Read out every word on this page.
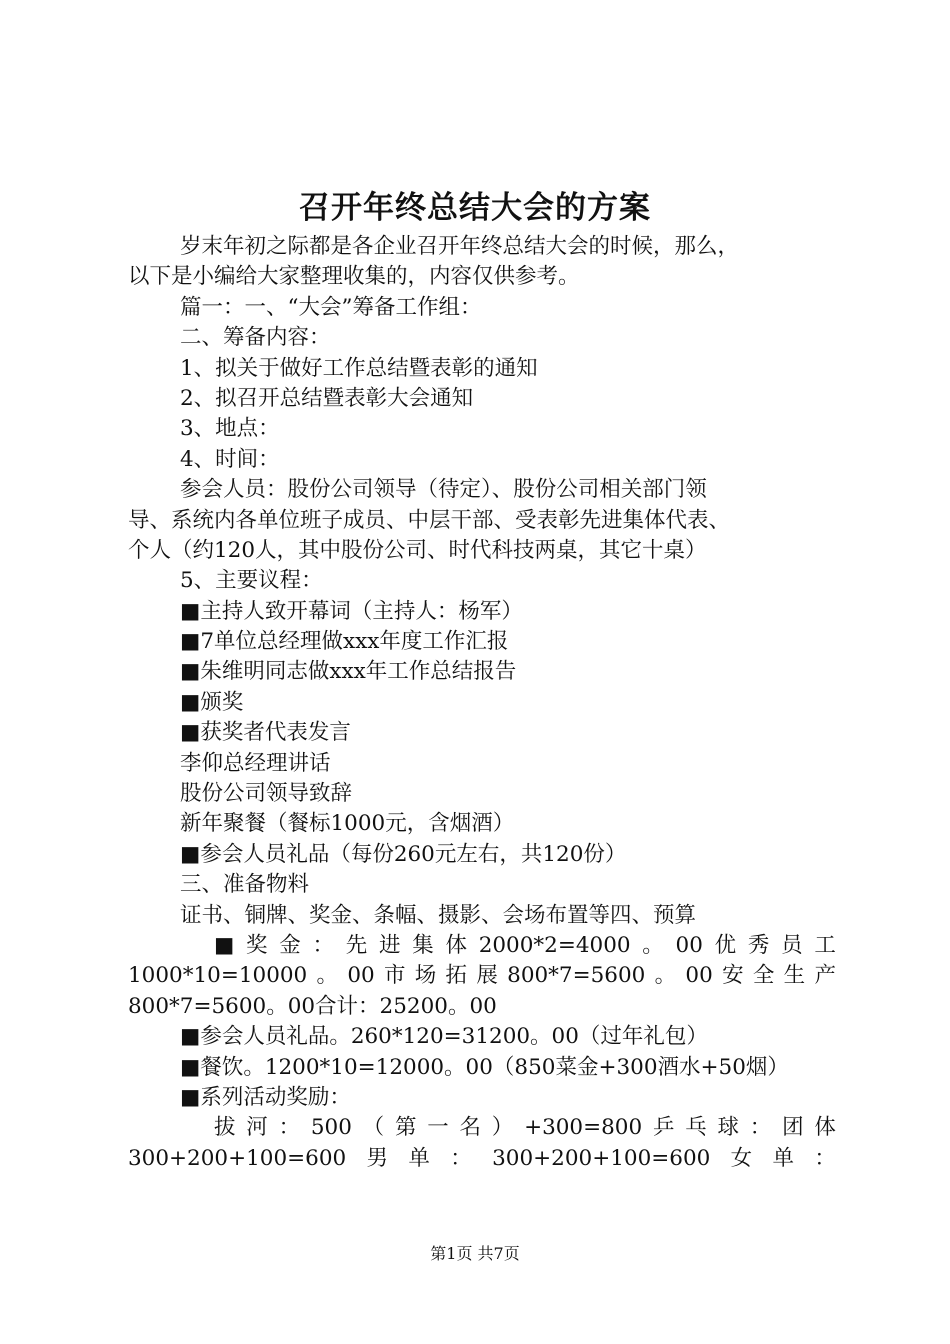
召开年终总结大会的方案
岁末年初之际都是各企业召开年终总结大会的时候，那么，
以下是小编给大家整理收集的，内容仅供参考。
篇一：一、“大会”筹备工作组：
二、筹备内容：
1、拟关于做好工作总结暨表彰的通知
2、拟召开总结暨表彰大会通知
3、地点：
4、时间：
参会人员：股份公司领导（待定）、股份公司相关部门领
导、系统内各单位班子成员、中层干部、受表彰先进集体代表、
个人（约120人，其中股份公司、时代科技两桌，其它十桌）
5、主要议程：
■主持人致开幕词（主持人：杨军）
■7单位总经理做xxx年度工作汇报
■朱维明同志做xxx年工作总结报告
■颁奖
■获奖者代表发言
李仰总经理讲话
股份公司领导致辞
新年聚餐（餐标1000元，含烟酒）
■参会人员礼品（每份260元左右，共120份）
三、准备物料
证书、铜牌、奖金、条幅、摄影、会场布置等四、预算
■ 奖 金 ： 先 进 集 体 2000*2=4000 。 00 优 秀 员 工
1000*10=10000 。 00 市 场 拓 展 800*7=5600 。 00 安 全 生 产
800*7=5600。00合计：25200。00
■参会人员礼品。260*120=31200。00（过年礼包）
■餐饮。1200*10=12000。00（850菜金+300酒水+50烟）
■系列活动奖励：
拔 河 ： 500 （ 第 一 名 ） +300=800 乒 乓 球 ： 团 体
300+200+100=600 男 单 ： 300+200+100=600 女 单 ：
第1页 共7页
